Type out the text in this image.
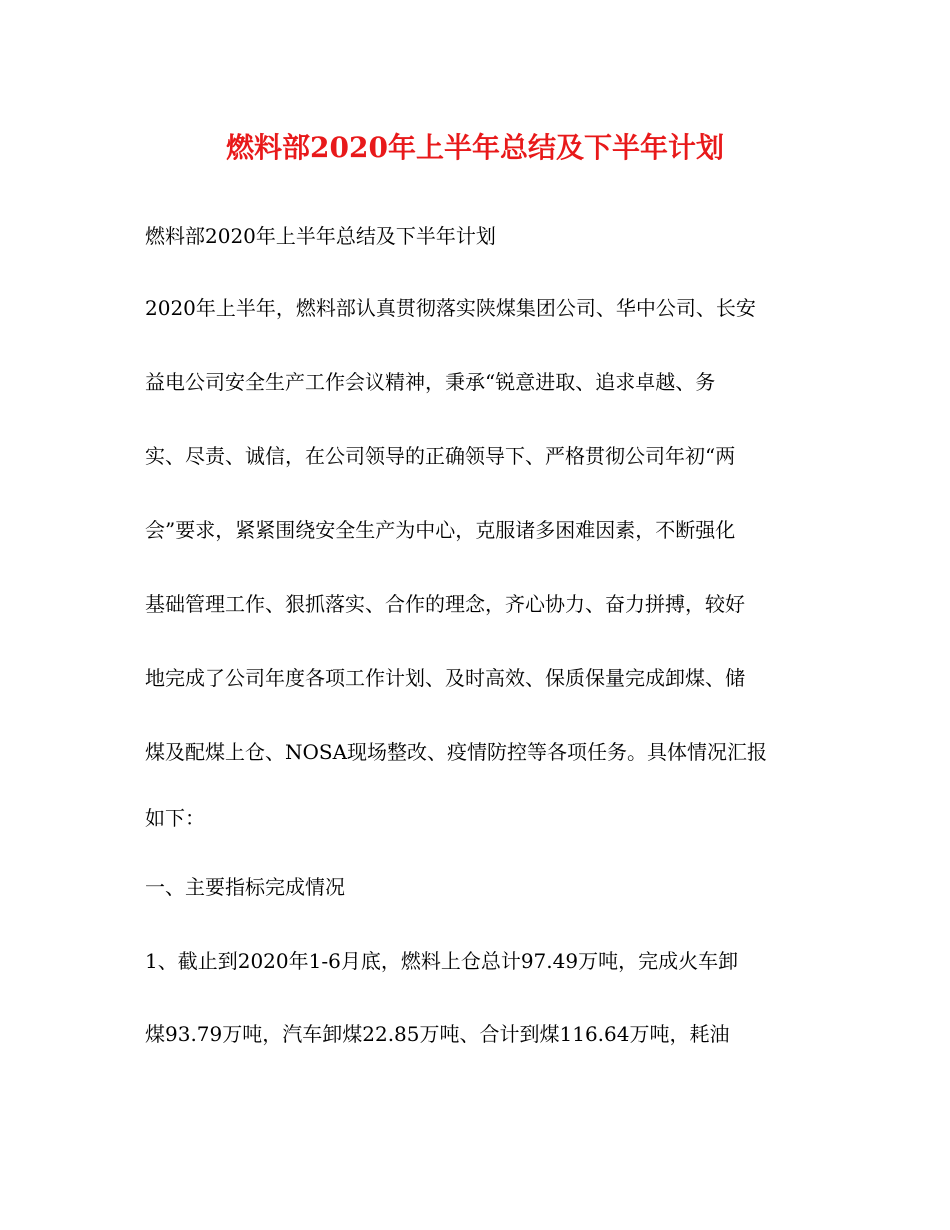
燃料部2020年上半年总结及下半年计划
燃料部2020年上半年总结及下半年计划
2020年上半年，燃料部认真贯彻落实陕煤集团公司、华中公司、长安
益电公司安全生产工作会议精神，秉承“锐意进取、追求卓越、务
实、尽责、诚信，在公司领导的正确领导下、严格贯彻公司年初“两
会”要求，紧紧围绕安全生产为中心，克服诸多困难因素，不断强化
基础管理工作、狠抓落实、合作的理念，齐心协力、奋力拼搏，较好
地完成了公司年度各项工作计划、及时高效、保质保量完成卸煤、储
煤及配煤上仓、NOSA现场整改、疫情防控等各项任务。具体情况汇报
如下：
一、主要指标完成情况
1、截止到2020年1-6月底，燃料上仓总计97.49万吨，完成火车卸
煤93.79万吨，汽车卸煤22.85万吨、合计到煤116.64万吨，耗油
